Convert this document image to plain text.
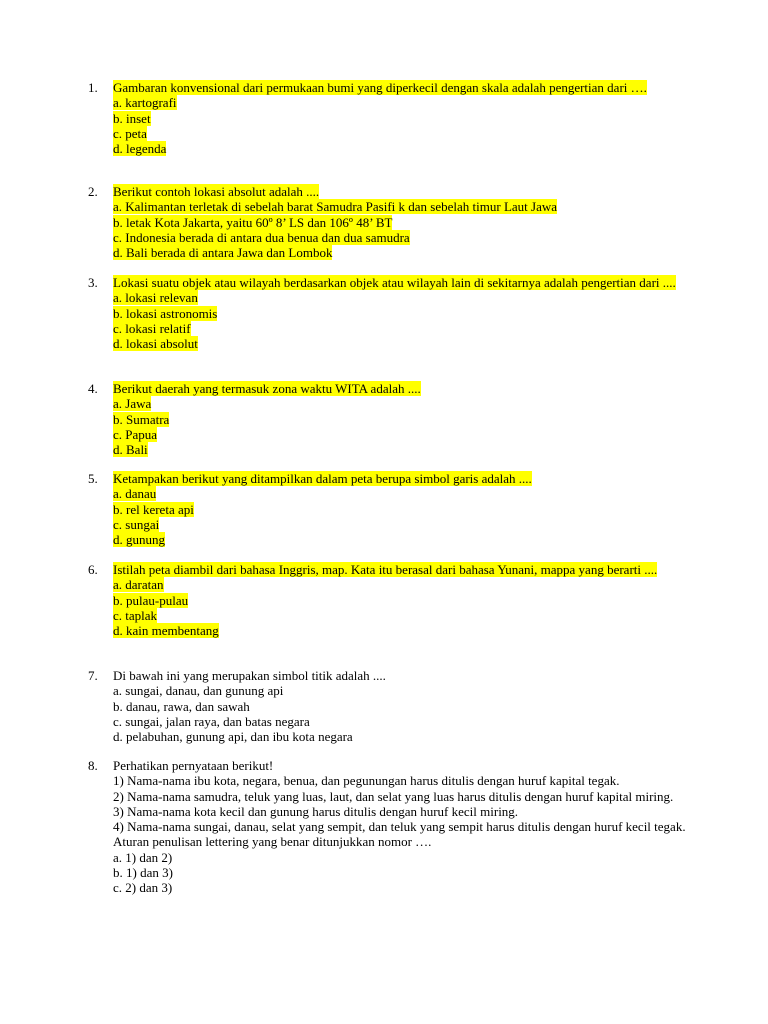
1.	Gambaran konvensional dari permukaan bumi yang diperkecil dengan skala adalah pengertian dari ….
a. kartografi
b. inset
c. peta
d. legenda
2.	Berikut contoh lokasi absolut adalah ....
a. Kalimantan terletak di sebelah barat Samudra Pasifi k dan sebelah timur Laut Jawa
b. letak Kota Jakarta, yaitu 60º 8’ LS dan 106º 48’ BT
c. Indonesia berada di antara dua benua dan dua samudra
d. Bali berada di antara Jawa dan Lombok
3.	Lokasi suatu objek atau wilayah berdasarkan objek atau wilayah lain di sekitarnya adalah pengertian dari ....
a. lokasi relevan
b. lokasi astronomis
c. lokasi relatif
d. lokasi absolut
4.	Berikut daerah yang termasuk zona waktu WITA adalah ....
a. Jawa
b. Sumatra
c. Papua
d. Bali
5.	Ketampakan berikut yang ditampilkan dalam peta berupa simbol garis adalah ....
a. danau
b. rel kereta api
c. sungai
d. gunung
6.	Istilah peta diambil dari bahasa Inggris, map. Kata itu berasal dari bahasa Yunani, mappa yang berarti ....
a. daratan
b. pulau-pulau
c. taplak
d. kain membentang
7.	Di bawah ini yang merupakan simbol titik adalah ....
a. sungai, danau, dan gunung api
b. danau, rawa, dan sawah
c. sungai, jalan raya, dan batas negara
d. pelabuhan, gunung api, dan ibu kota negara
8.	Perhatikan pernyataan berikut!
1) Nama-nama ibu kota, negara, benua, dan pegunungan harus ditulis dengan huruf kapital tegak.
2) Nama-nama samudra, teluk yang luas, laut, dan selat yang luas harus ditulis dengan huruf kapital miring.
3) Nama-nama kota kecil dan gunung harus ditulis dengan huruf kecil miring.
4) Nama-nama sungai, danau, selat yang sempit, dan teluk yang sempit harus ditulis dengan huruf kecil tegak.
Aturan penulisan lettering yang benar ditunjukkan nomor ….
a. 1) dan 2)
b. 1) dan 3)
c. 2) dan 3)
